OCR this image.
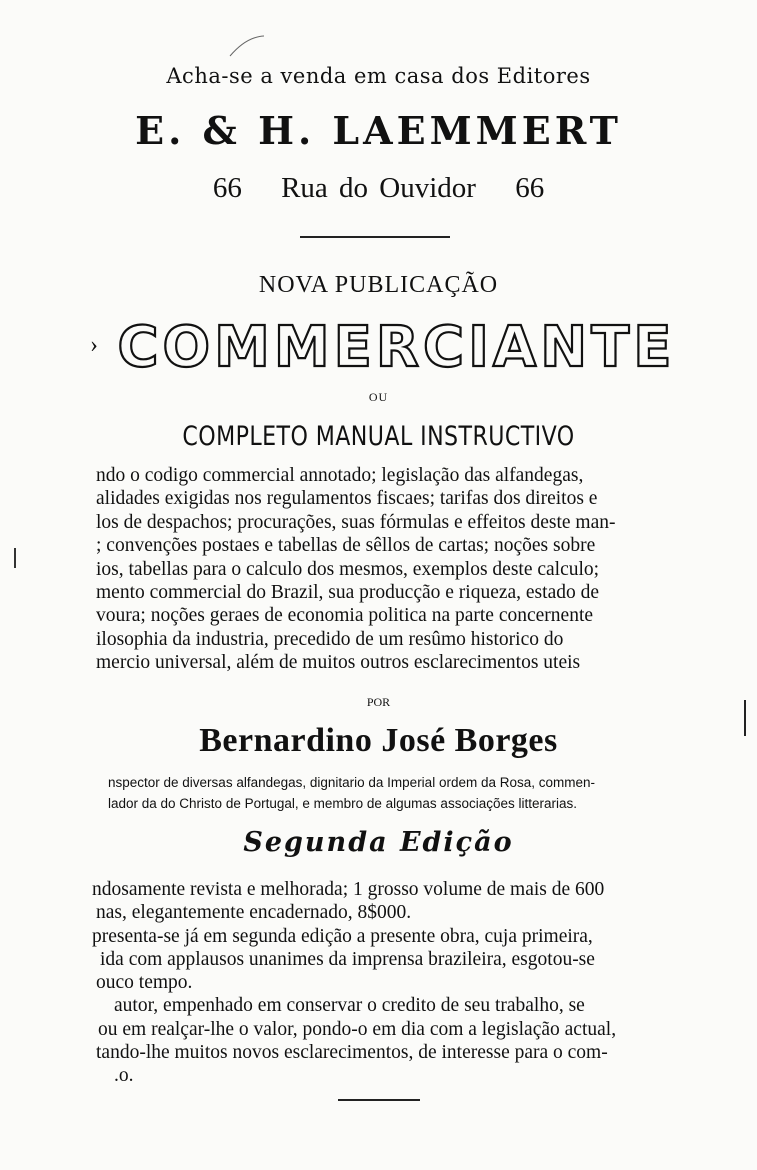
Acha-se a venda em casa dos Editores
E. & H. LAEMMERT
66 Rua do Ouvidor 66
NOVA PUBLICAÇÃO
› COMMERCIANTE
OU
COMPLETO MANUAL INSTRUCTIVO
ndo o codigo commercial annotado; legislação das alfandegas,
alidades exigidas nos regulamentos fiscaes; tarifas dos direitos e
los de despachos; procurações, suas fórmulas e effeitos deste man-
; convenções postaes e tabellas de sêllos de cartas; noções sobre
ios, tabellas para o calculo dos mesmos, exemplos deste calculo;
mento commercial do Brazil, sua producção e riqueza, estado de
voura; noções geraes de economia politica na parte concernente
ilosophia da industria, precedido de um resûmo historico do
mercio universal, além de muitos outros esclarecimentos uteis
POR
Bernardino José Borges
nspector de diversas alfandegas, dignitario da Imperial ordem da Rosa, commen-
lador da do Christo de Portugal, e membro de algumas associações litterarias.
Segunda Edição
ndosamente revista e melhorada; 1 grosso volume de mais de 600
nas, elegantemente encadernado, 8$000.
presenta-se já em segunda edição a presente obra, cuja primeira,
ida com applausos unanimes da imprensa brazileira, esgotou-se
ouco tempo.
autor, empenhado em conservar o credito de seu trabalho, se
ou em realçar-lhe o valor, pondo-o em dia com a legislação actual,
tando-lhe muitos novos esclarecimentos, de interesse para o com-
.o.
